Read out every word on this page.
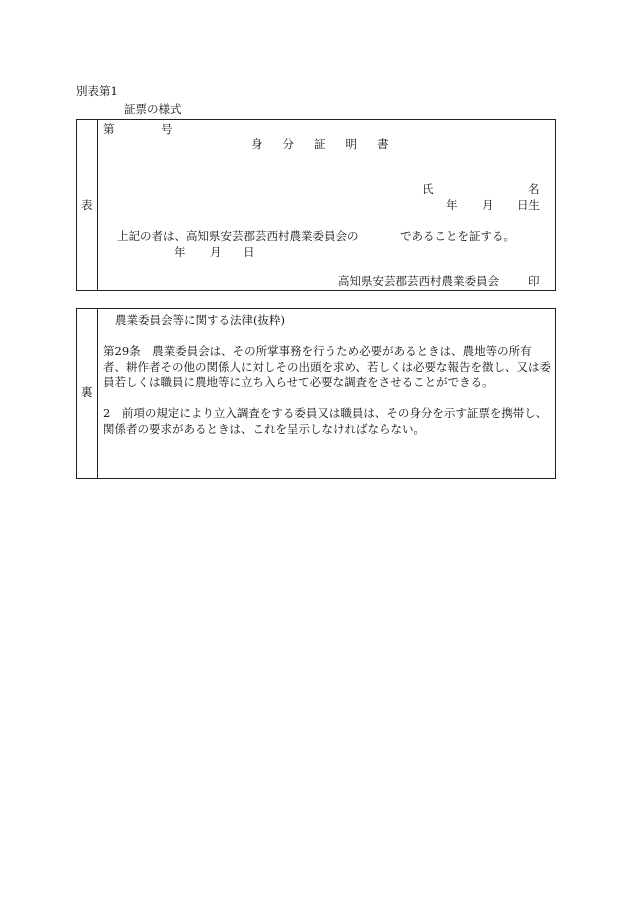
別表第1
証票の様式
表
第	号
身分証明書
氏	名
年 月 日生
上記の者は、高知県安芸郡芸西村農業委員会の	であることを証する。
年 月 日
高知県安芸郡芸西村農業委員会	印
裏
農業委員会等に関する法律(抜粋)
第29条　農業委員会は、その所掌事務を行うため必要があるときは、農地等の所有者、耕作者その他の関係人に対しその出頭を求め、若しくは必要な報告を徴し、又は委員若しくは職員に農地等に立ち入らせて必要な調査をさせることができる。
2　前項の規定により立入調査をする委員又は職員は、その身分を示す証票を携帯し、関係者の要求があるときは、これを呈示しなければならない。
